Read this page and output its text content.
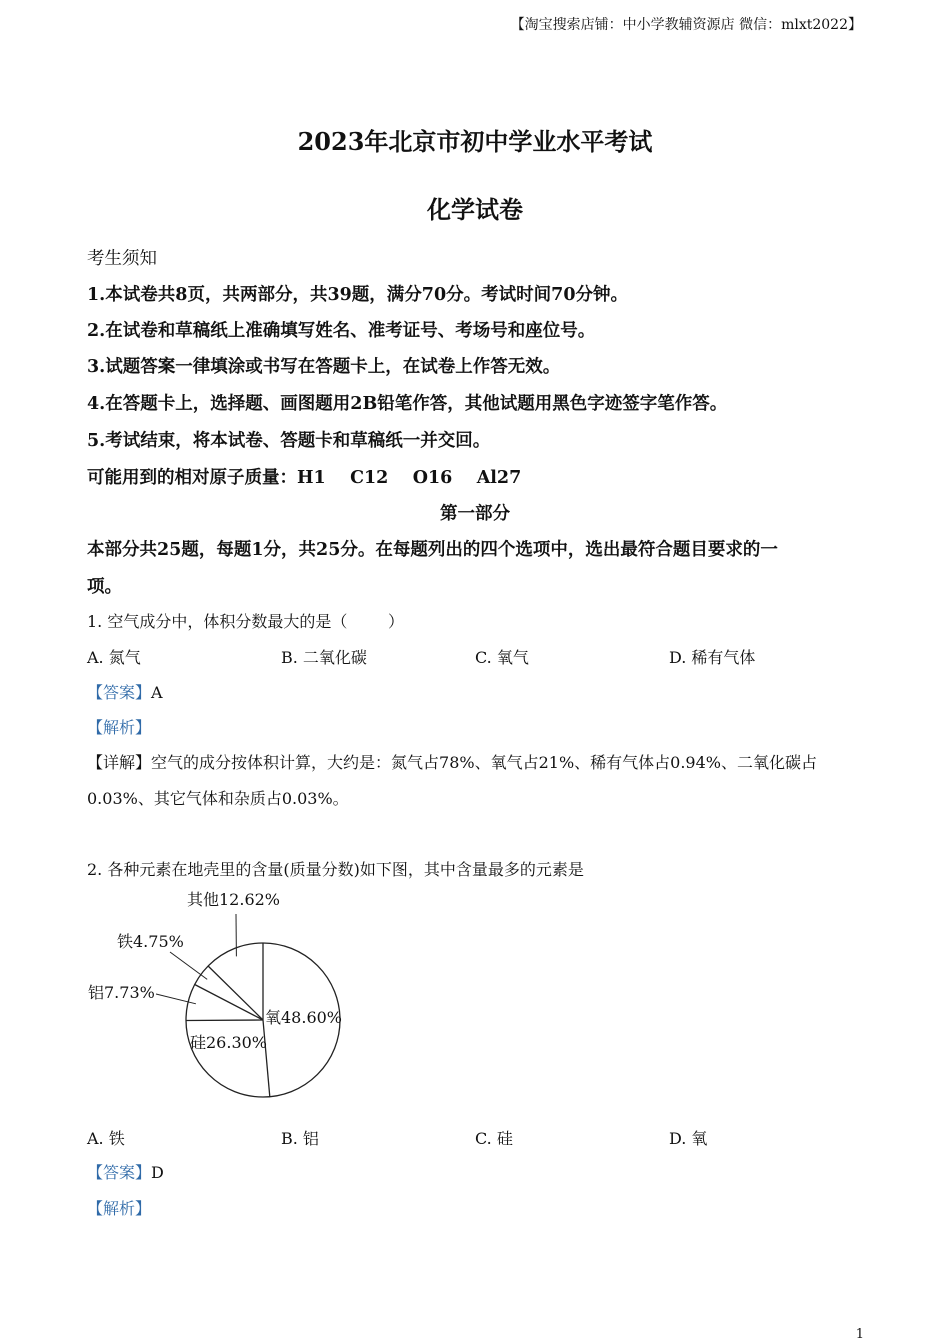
【淘宝搜索店铺：中小学教辅资源店 微信：mlxt2022】
2023年北京市初中学业水平考试
化学试卷
考生须知
1.本试卷共8页，共两部分，共39题，满分70分。考试时间70分钟。
2.在试卷和草稿纸上准确填写姓名、准考证号、考场号和座位号。
3.试题答案一律填涂或书写在答题卡上，在试卷上作答无效。
4.在答题卡上，选择题、画图题用2B铅笔作答，其他试题用黑色字迹签字笔作答。
5.考试结束，将本试卷、答题卡和草稿纸一并交回。
可能用到的相对原子质量：H1    C12    O16    Al27
第一部分
本部分共25题，每题1分，共25分。在每题列出的四个选项中，选出最符合题目要求的一
项。
1. 空气成分中，体积分数最大的是（        ）
A. 氮气	B. 二氧化碳	C. 氧气	D. 稀有气体
【答案】A
【解析】
【详解】空气的成分按体积计算，大约是：氮气占78%、氧气占21%、稀有气体占0.94%、二氧化碳占
0.03%、其它气体和杂质占0.03%。
2. 各种元素在地壳里的含量(质量分数)如下图，其中含量最多的元素是
氧48.60%
硅26.30%
铝7.73%
铁4.75%
其他12.62%
A. 铁	B. 铝	C. 硅	D. 氧
【答案】D
【解析】
1
